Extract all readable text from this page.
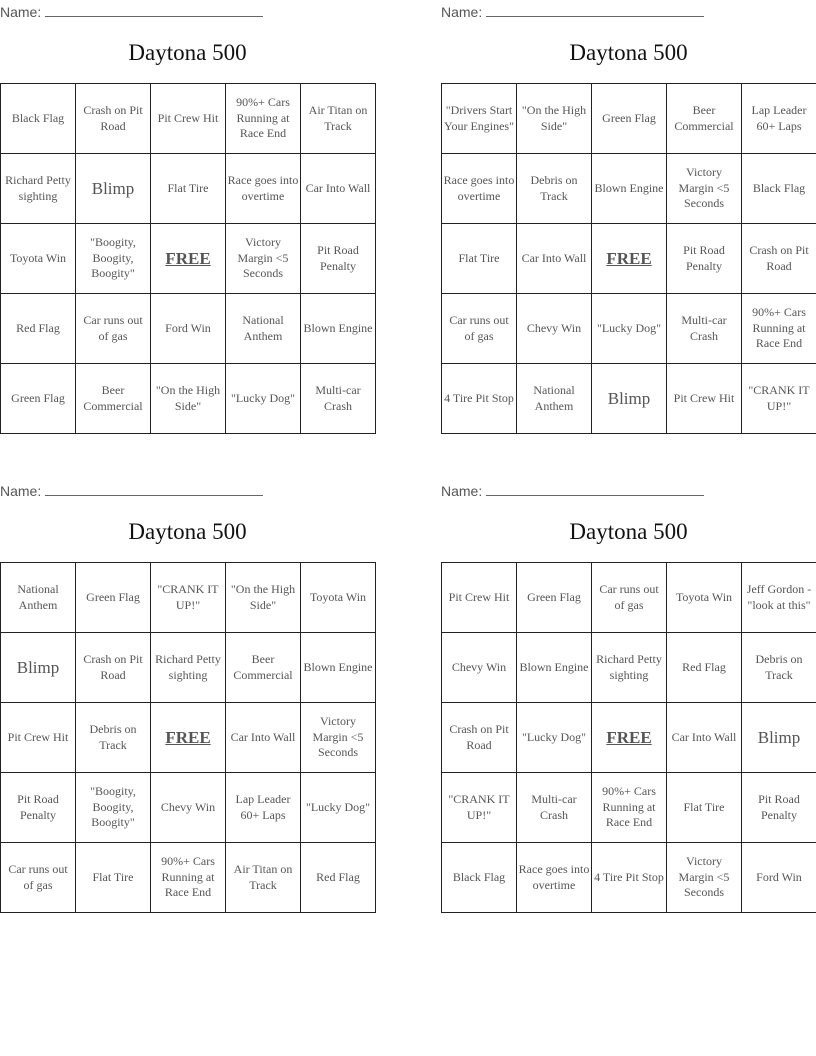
Name:
Daytona 500
Black Flag	Crash on Pit Road	Pit Crew Hit	90%+ Cars Running at Race End	Air Titan on Track
Richard Petty sighting	Blimp	Flat Tire	Race goes into overtime	Car Into Wall
Toyota Win	"Boogity, Boogity, Boogity"	FREE	Victory Margin <5 Seconds	Pit Road Penalty
Red Flag	Car runs out of gas	Ford Win	National Anthem	Blown Engine
Green Flag	Beer Commercial	"On the High Side"	"Lucky Dog"	Multi-car Crash
Name:
Daytona 500
"Drivers Start Your Engines"	"On the High Side"	Green Flag	Beer Commercial	Lap Leader 60+ Laps
Race goes into overtime	Debris on Track	Blown Engine	Victory Margin <5 Seconds	Black Flag
Flat Tire	Car Into Wall	FREE	Pit Road Penalty	Crash on Pit Road
Car runs out of gas	Chevy Win	"Lucky Dog"	Multi-car Crash	90%+ Cars Running at Race End
4 Tire Pit Stop	National Anthem	Blimp	Pit Crew Hit	"CRANK IT UP!"
Name:
Daytona 500
National Anthem	Green Flag	"CRANK IT UP!"	"On the High Side"	Toyota Win
Blimp	Crash on Pit Road	Richard Petty sighting	Beer Commercial	Blown Engine
Pit Crew Hit	Debris on Track	FREE	Car Into Wall	Victory Margin <5 Seconds
Pit Road Penalty	"Boogity, Boogity, Boogity"	Chevy Win	Lap Leader 60+ Laps	"Lucky Dog"
Car runs out of gas	Flat Tire	90%+ Cars Running at Race End	Air Titan on Track	Red Flag
Name:
Daytona 500
Pit Crew Hit	Green Flag	Car runs out of gas	Toyota Win	Jeff Gordon - "look at this"
Chevy Win	Blown Engine	Richard Petty sighting	Red Flag	Debris on Track
Crash on Pit Road	"Lucky Dog"	FREE	Car Into Wall	Blimp
"CRANK IT UP!"	Multi-car Crash	90%+ Cars Running at Race End	Flat Tire	Pit Road Penalty
Black Flag	Race goes into overtime	4 Tire Pit Stop	Victory Margin <5 Seconds	Ford Win
